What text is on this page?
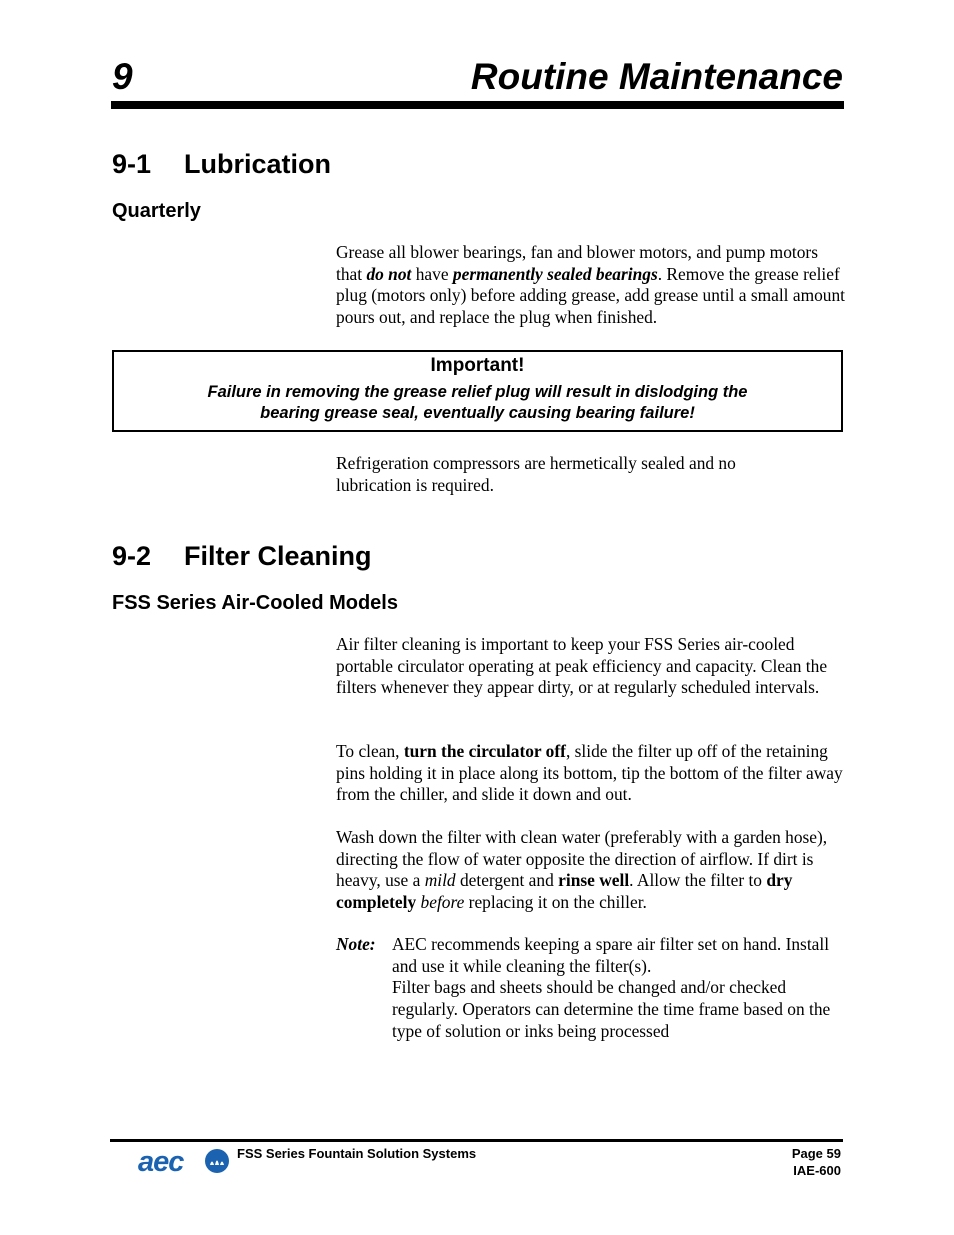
9	Routine Maintenance
9-1 Lubrication
Quarterly

Grease all blower bearings, fan and blower motors, and pump motors that do not have permanently sealed bearings. Remove the grease relief plug (motors only) before adding grease, add grease until a small amount pours out, and replace the plug when finished.

Important!
Failure in removing the grease relief plug will result in dislodging the
bearing grease seal, eventually causing bearing failure!

Refrigeration compressors are hermetically sealed and no lubrication is required.

9-2 Filter Cleaning
FSS Series Air-Cooled Models

Air filter cleaning is important to keep your FSS Series air-cooled portable circulator operating at peak efficiency and capacity. Clean the filters whenever they appear dirty, or at regularly scheduled intervals.

To clean, turn the circulator off, slide the filter up off of the retaining pins holding it in place along its bottom, tip the bottom of the filter away from the chiller, and slide it down and out.

Wash down the filter with clean water (preferably with a garden hose), directing the flow of water opposite the direction of airflow. If dirt is heavy, use a mild detergent and rinse well. Allow the filter to dry completely before replacing it on the chiller.

Note: AEC recommends keeping a spare air filter set on hand. Install and use it while cleaning the filter(s).
Filter bags and sheets should be changed and/or checked regularly. Operators can determine the time frame based on the type of solution or inks being processed
aec	FSS Series Fountain Solution Systems	Page 59
IAE-600
